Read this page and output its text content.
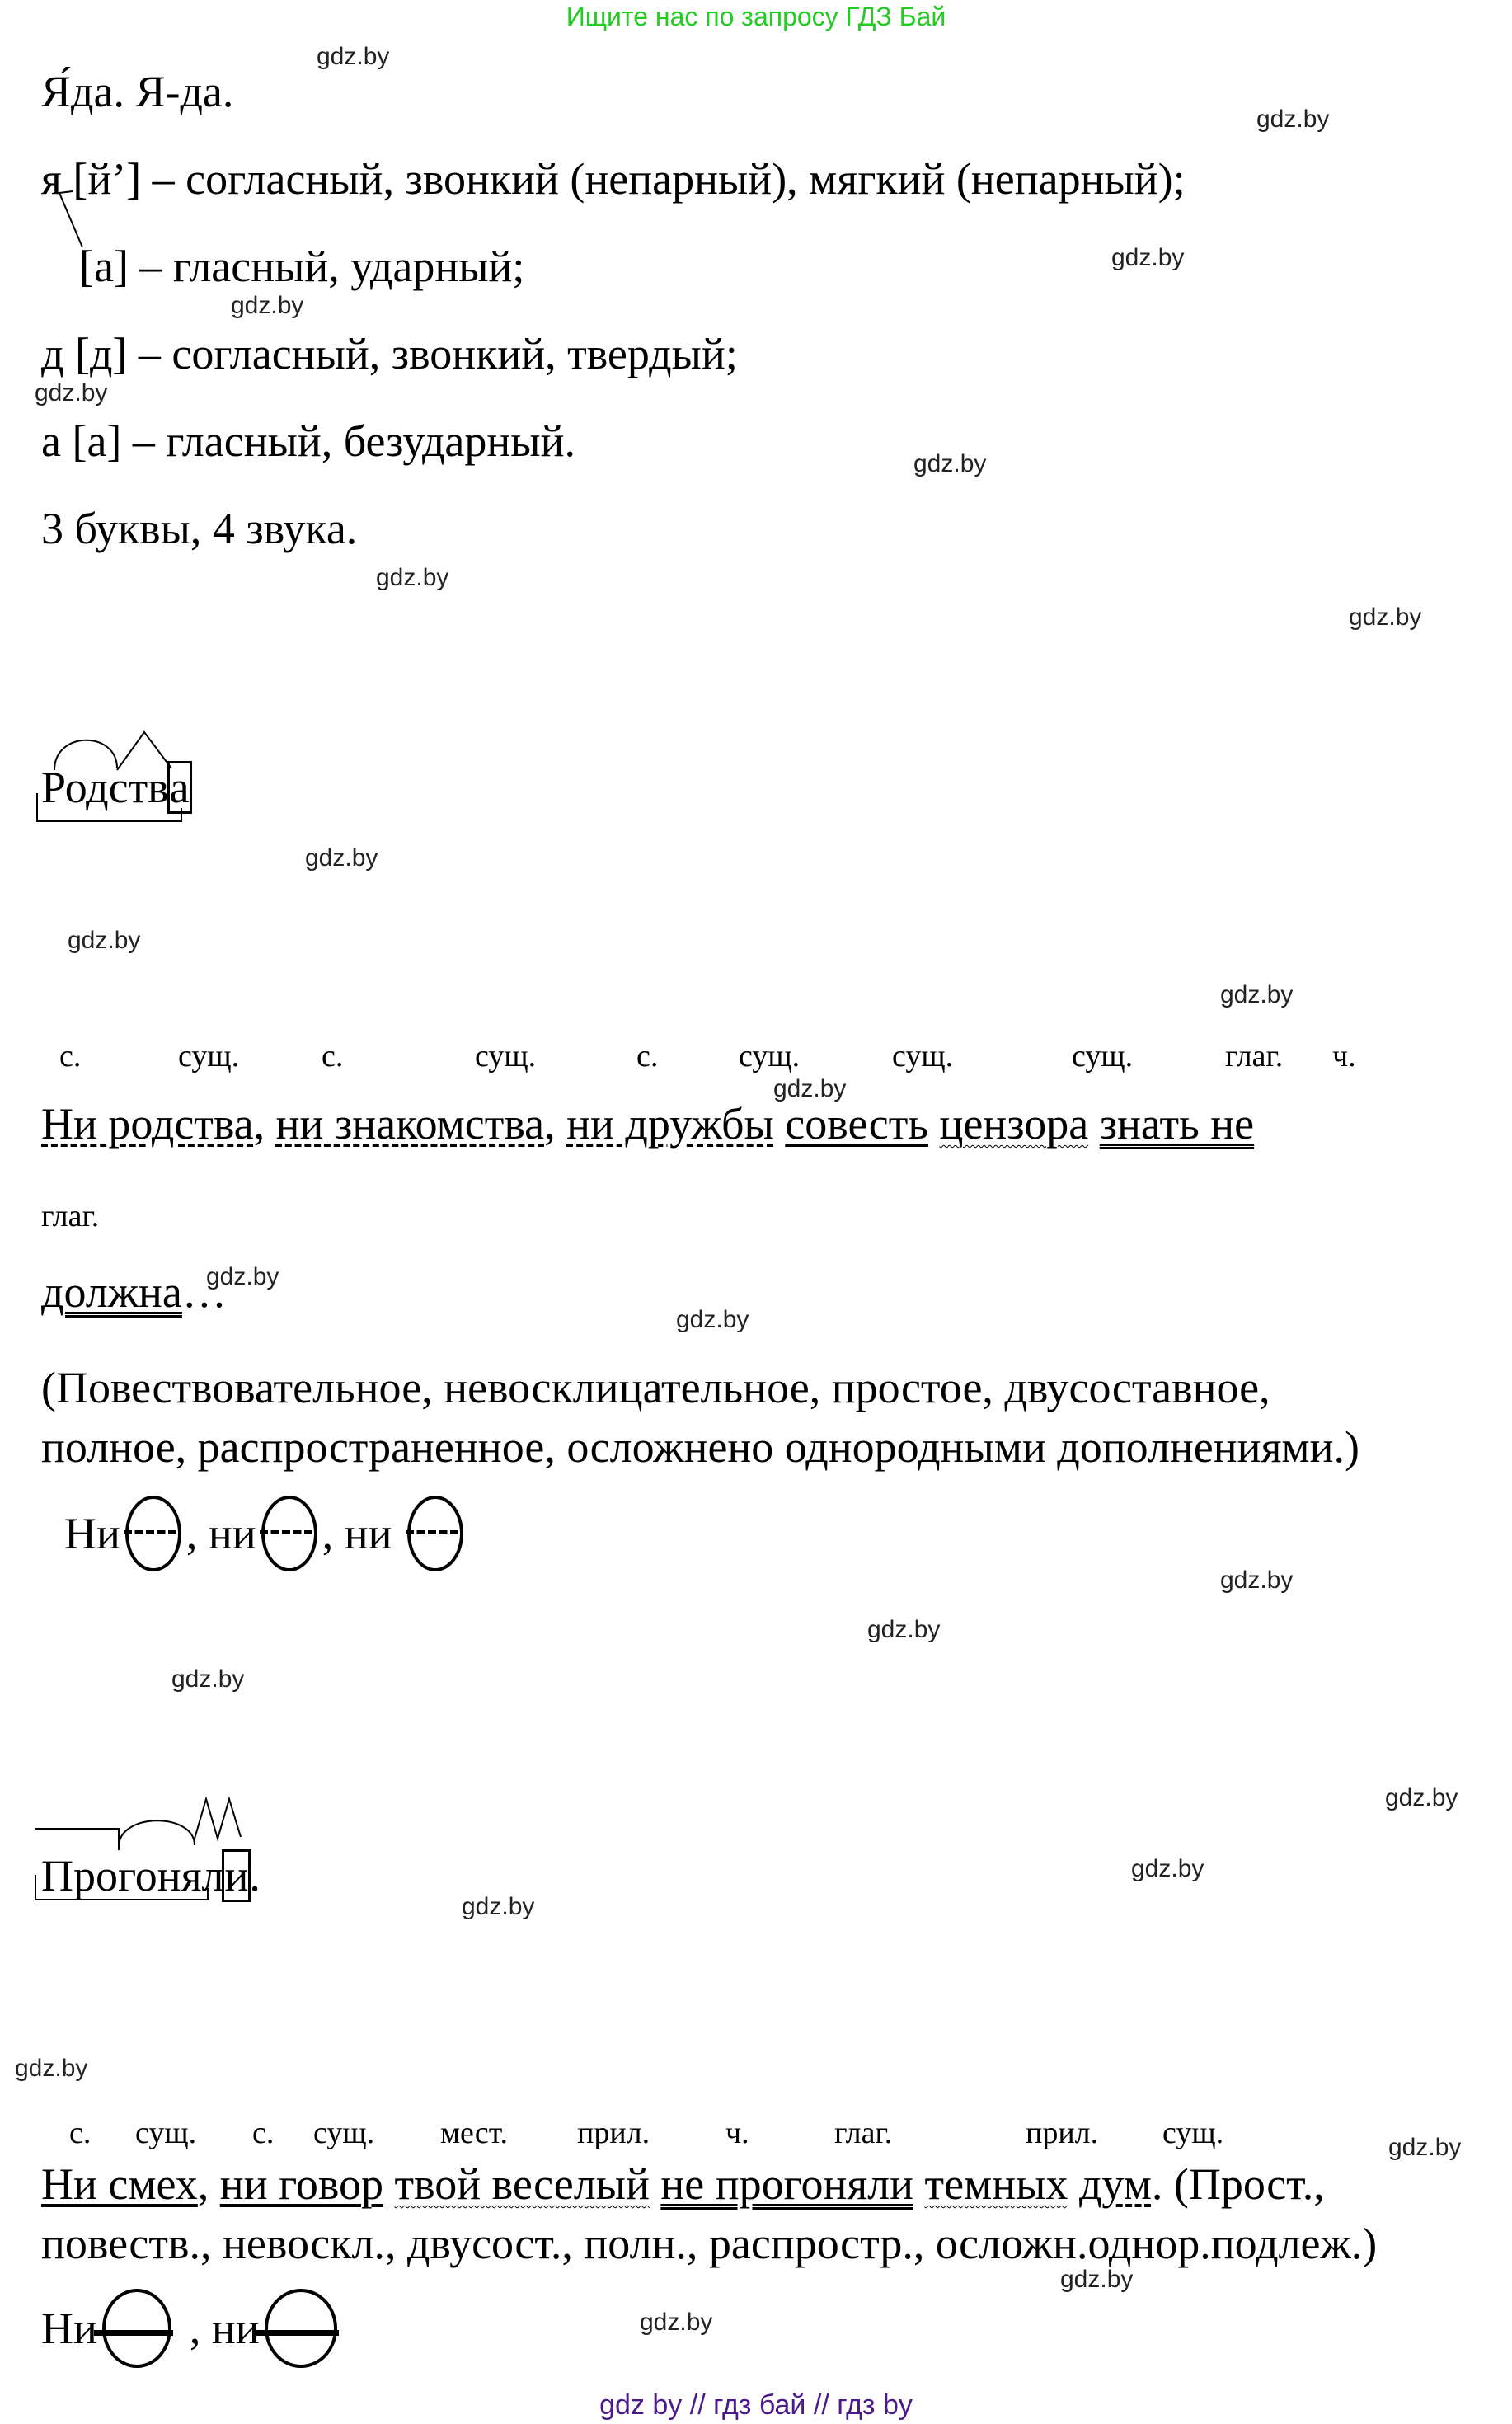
Ищите нас по запросу ГДЗ Бай
Я́да. Я-да.
я [й’] – согласный, звонкий (непарный), мягкий (непарный);
[а] – гласный, ударный;
д [д] – согласный, звонкий, твердый;
а [а] – гласный, безударный.
3 буквы, 4 звука.
Родства
с.	сущ.	с.	сущ.	с.	сущ.	сущ.	сущ.	глаг. ч.
Ни родства, ни знакомства, ни дружбы совесть цензора знать не
глаг.
должна…
(Повествовательное, невосклицательное, простое, двусоставное,
полное, распространенное, осложнено однородными дополнениями.)
Ни , ни , ни
Прогоняли.
с. сущ. с. сущ. мест. прил. ч.	глаг.	прил. сущ.
Ни смех, ни говор твой веселый не прогоняли темных дум. (Прост.,
повеств., невоскл., двусост., полн., распростр., осложн.однор.подлеж.)
Ни , ни
gdz.by
gdz.by
gdz.by
gdz.by
gdz.by
gdz.by
gdz.by
gdz.by
gdz.by
gdz.by
gdz.by
gdz.by
gdz.by
gdz.by
gdz.by
gdz.by
gdz.by
gdz.by
gdz.by
gdz.by
gdz.by
gdz.by
gdz.by
gdz.by
gdz by // гдз бай // гдз by
